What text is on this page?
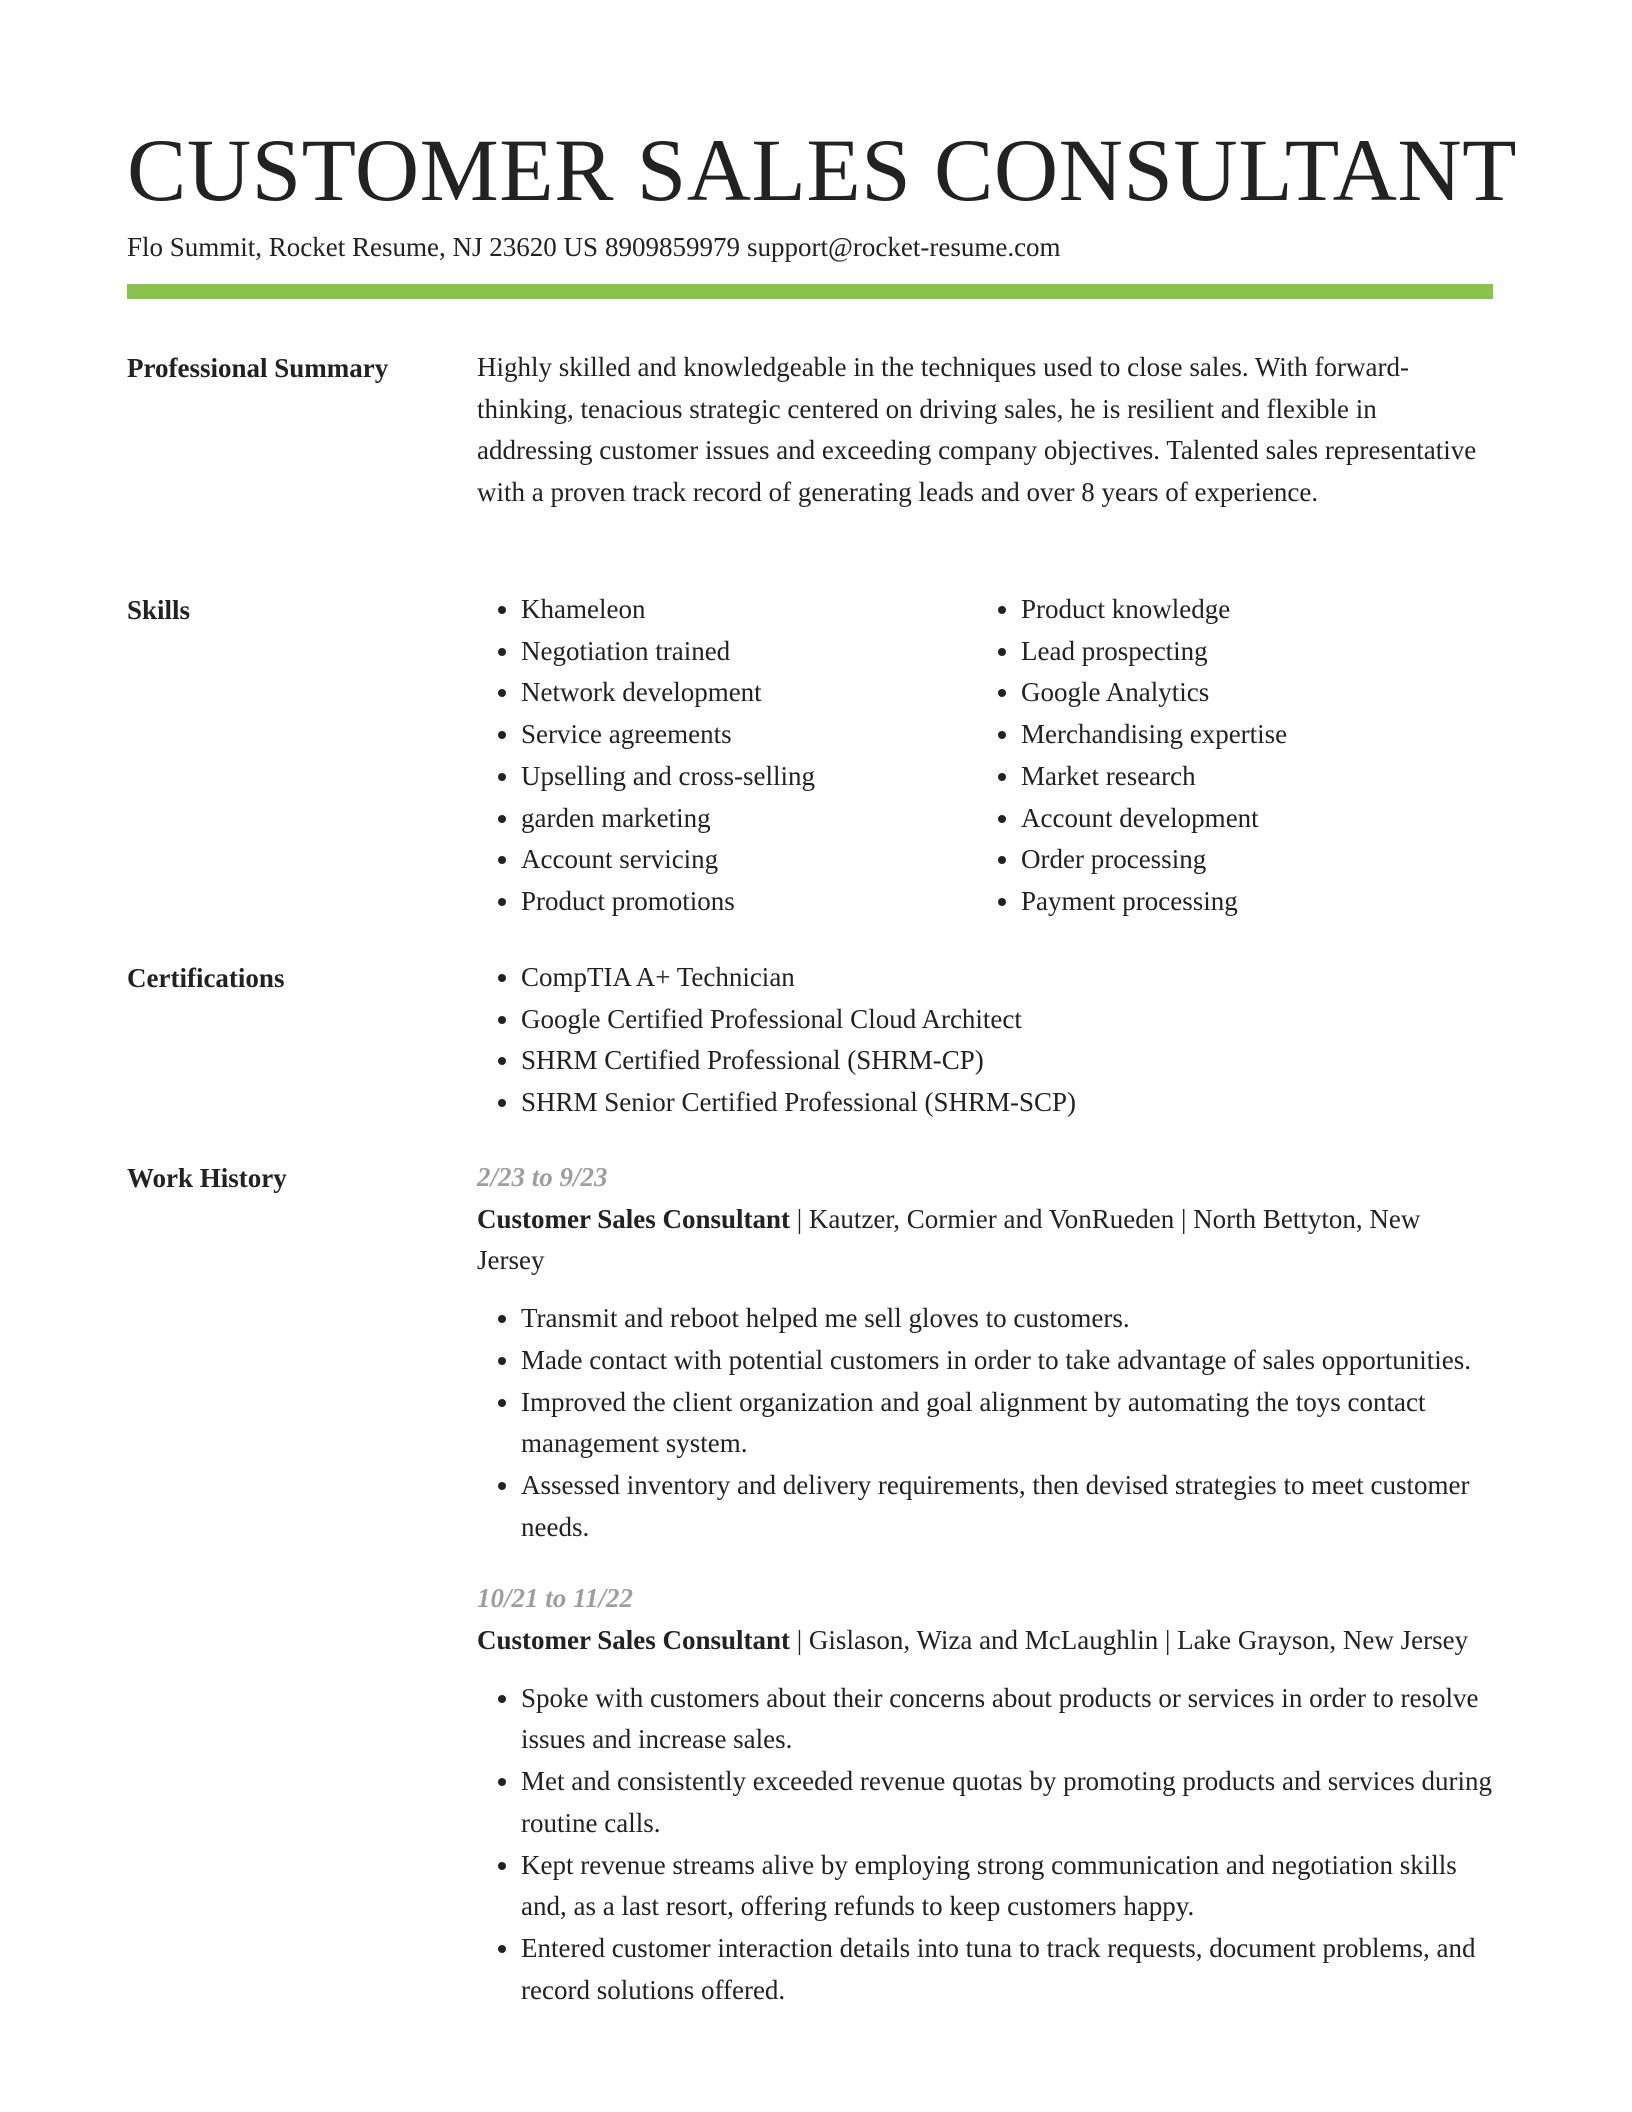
CUSTOMER SALES CONSULTANT
Flo Summit, Rocket Resume, NJ 23620 US 8909859979 support@rocket-resume.com
Professional Summary	Highly skilled and knowledgeable in the techniques used to close sales. With forward-thinking, tenacious strategic centered on driving sales, he is resilient and flexible in addressing customer issues and exceeding company objectives. Talented sales representative with a proven track record of generating leads and over 8 years of experience.

Skills	• Khameleon
• Negotiation trained
• Network development
• Service agreements
• Upselling and cross-selling
• garden marketing
• Account servicing
• Product promotions
• Product knowledge
• Lead prospecting
• Google Analytics
• Merchandising expertise
• Market research
• Account development
• Order processing
• Payment processing
Certifications	• CompTIA A+ Technician
• Google Certified Professional Cloud Architect
• SHRM Certified Professional (SHRM-CP)
• SHRM Senior Certified Professional (SHRM-SCP)
Work History	2/23 to 9/23
Customer Sales Consultant | Kautzer, Cormier and VonRueden | North Bettyton, New Jersey
• Transmit and reboot helped me sell gloves to customers.
• Made contact with potential customers in order to take advantage of sales opportunities.
• Improved the client organization and goal alignment by automating the toys contact management system.
• Assessed inventory and delivery requirements, then devised strategies to meet customer needs.
10/21 to 11/22
Customer Sales Consultant | Gislason, Wiza and McLaughlin | Lake Grayson, New Jersey
• Spoke with customers about their concerns about products or services in order to resolve issues and increase sales.
• Met and consistently exceeded revenue quotas by promoting products and services during routine calls.
• Kept revenue streams alive by employing strong communication and negotiation skills and, as a last resort, offering refunds to keep customers happy.
• Entered customer interaction details into tuna to track requests, document problems, and record solutions offered.
